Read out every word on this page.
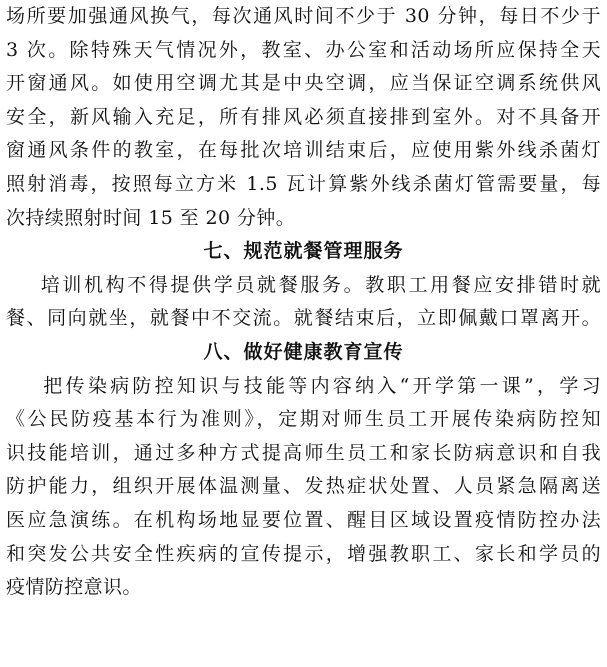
场所要加强通风换气，每次通风时间不少于 30 分钟，每日不少于
3 次。除特殊天气情况外，教室、办公室和活动场所应保持全天
开窗通风。如使用空调尤其是中央空调，应当保证空调系统供风
安全，新风输入充足，所有排风必须直接排到室外。对不具备开
窗通风条件的教室，在每批次培训结束后，应使用紫外线杀菌灯
照射消毒，按照每立方米 1.5 瓦计算紫外线杀菌灯管需要量，每
次持续照射时间 15 至 20 分钟。
七、规范就餐管理服务
培训机构不得提供学员就餐服务。教职工用餐应安排错时就
餐、同向就坐，就餐中不交流。就餐结束后，立即佩戴口罩离开。
八、做好健康教育宣传
把传染病防控知识与技能等内容纳入“开学第一课”，学习
《公民防疫基本行为准则》，定期对师生员工开展传染病防控知
识技能培训，通过多种方式提高师生员工和家长防病意识和自我
防护能力，组织开展体温测量、发热症状处置、人员紧急隔离送
医应急演练。在机构场地显要位置、醒目区域设置疫情防控办法
和突发公共安全性疾病的宣传提示，增强教职工、家长和学员的
疫情防控意识。
